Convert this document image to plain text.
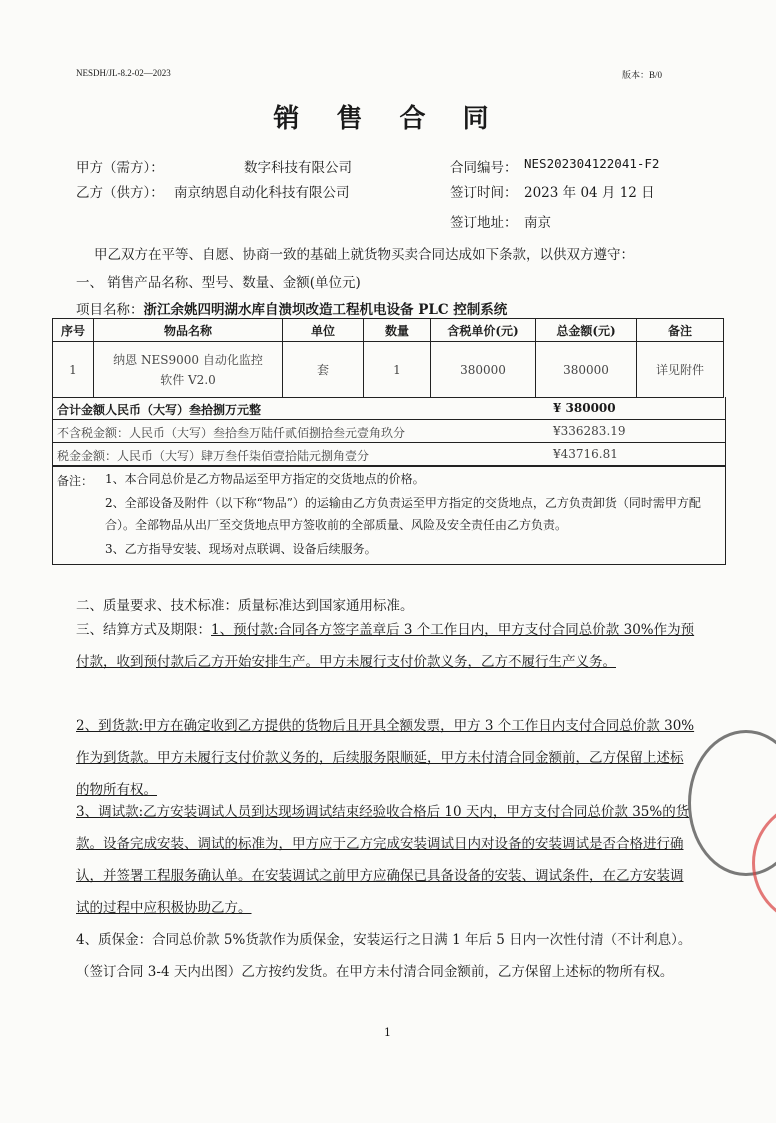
NESDH/JL-8.2-02—2023	版本：B/0
销 售 合 同
甲方（需方）：	数字科技有限公司
乙方（供方）： 南京纳恩自动化科技有限公司
合同编号： NES202304122041-F2
签订时间： 2023 年 04 月 12 日
签订地址： 南京
甲乙双方在平等、自愿、协商一致的基础上就货物买卖合同达成如下条款，以供双方遵守：
一、 销售产品名称、型号、数量、金额(单位元)
项目名称：浙江余姚四明湖水库自溃坝改造工程机电设备 PLC 控制系统
序号	物品名称	单位	数量	含税单价(元)	总金额(元)	备注
1	纳恩 NES9000 自动化监控软件 V2.0	套	1	380000	380000	详见附件
合计金额人民币（大写）叁拾捌万元整	¥ 380000
不含税金额：人民币（大写）叁拾叁万陆仟贰佰捌拾叁元壹角玖分	¥336283.19
税金金额：人民币（大写）肆万叁仟柒佰壹拾陆元捌角壹分	¥43716.81
备注： 1、本合同总价是乙方物品运至甲方指定的交货地点的价格。

2、全部设备及附件（以下称“物品”）的运输由乙方负责运至甲方指定的交货地点，乙方负责卸货（同时需甲方配合）。全部物品从出厂至交货地点甲方签收前的全部质量、风险及安全责任由乙方负责。

3、乙方指导安装、现场对点联调、设备后续服务。

二、质量要求、技术标准：质量标准达到国家通用标准。
三、结算方式及期限：1、预付款:合同各方签字盖章后 3 个工作日内，甲方支付合同总价款 30%作为预付款，收到预付款后乙方开始安排生产。甲方未履行支付价款义务，乙方不履行生产义务。
2、到货款:甲方在确定收到乙方提供的货物后且开具全额发票，甲方 3 个工作日内支付合同总价款 30%作为到货款。甲方未履行支付价款义务的，后续服务限顺延，甲方未付清合同金额前，乙方保留上述标的物所有权。
3、调试款:乙方安装调试人员到达现场调试结束经验收合格后 10 天内，甲方支付合同总价款 35%的货款。设备完成安装、调试的标准为，甲方应于乙方完成安装调试日内对设备的安装调试是否合格进行确认，并签署工程服务确认单。在安装调试之前甲方应确保已具备设备的安装、调试条件，在乙方安装调试的过程中应积极协助乙方。
4、质保金：合同总价款 5%货款作为质保金，安装运行之日满 1 年后 5 日内一次性付清（不计利息）。（签订合同 3-4 天内出图）乙方按约发货。在甲方未付清合同金额前，乙方保留上述标的物所有权。
1
